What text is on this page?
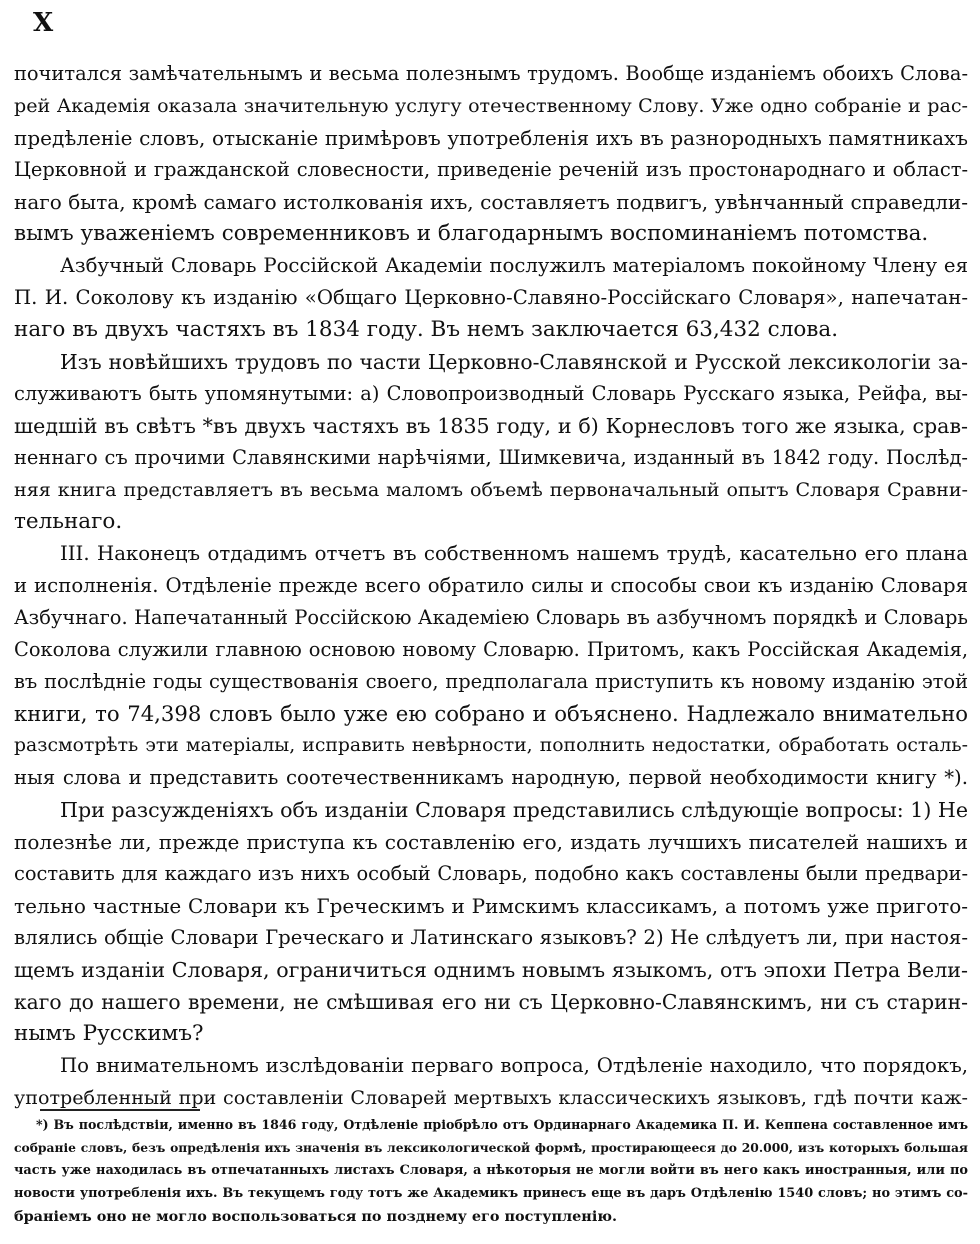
X
почитался замѣчательнымъ и весьма полезнымъ трудомъ. Вообще изданіемъ обоихъ Слова-
рей Академія оказала значительную услугу отечественному Слову. Уже одно собраніе и рас-
предѣленіе словъ, отысканіе примѣровъ употребленія ихъ въ разнородныхъ памятникахъ
Церковной и гражданской словесности, приведеніе реченій изъ простонароднаго и област-
наго быта, кромѣ самаго истолкованія ихъ, составляетъ подвигъ, увѣнчанный справедли-
вымъ уваженіемъ современниковъ и благодарнымъ воспоминаніемъ потомства.
Азбучный Словарь Россійской Академіи послужилъ матеріаломъ покойному Члену ея
П. И. Соколову къ изданію «Общаго Церковно-Славяно-Россійскаго Словаря», напечатан-
наго въ двухъ частяхъ въ 1834 году. Въ немъ заключается 63,432 слова.
Изъ новѣйшихъ трудовъ по части Церковно-Славянской и Русской лексикологіи за-
служиваютъ быть упомянутыми: а) Словопроизводный Словарь Русскаго языка, Рейфа, вы-
шедшій въ свѣтъ *въ двухъ частяхъ въ 1835 году, и б) Корнесловъ того же языка, срав-
неннаго съ прочими Славянскими нарѣчіями, Шимкевича, изданный въ 1842 году. Послѣд-
няя книга представляетъ въ весьма маломъ объемѣ первоначальный опытъ Словаря Сравни-
тельнаго.
III. Наконецъ отдадимъ отчетъ въ собственномъ нашемъ трудѣ, касательно его плана
и исполненія. Отдѣленіе прежде всего обратило силы и способы свои къ изданію Словаря
Азбучнаго. Напечатанный Россійскою Академіею Словарь въ азбучномъ порядкѣ и Словарь
Соколова служили главною основою новому Словарю. Притомъ, какъ Россійская Академія,
въ послѣдніе годы существованія своего, предполагала приступить къ новому изданію этой
книги, то 74,398 словъ было уже ею собрано и объяснено. Надлежало внимательно
разсмотрѣть эти матеріалы, исправить невѣрности, пополнить недостатки, обработать осталь-
ныя слова и представить соотечественникамъ народную, первой необходимости книгу *).
При разсужденіяхъ объ изданіи Словаря представились слѣдующіе вопросы: 1) Не
полезнѣе ли, прежде приступа къ составленію его, издать лучшихъ писателей нашихъ и
составить для каждаго изъ нихъ особый Словарь, подобно какъ составлены были предвари-
тельно частные Словари къ Греческимъ и Римскимъ классикамъ, а потомъ уже пригото-
влялись общіе Словари Греческаго и Латинскаго языковъ? 2) Не слѣдуетъ ли, при настоя-
щемъ изданіи Словаря, ограничиться однимъ новымъ языкомъ, отъ эпохи Петра Вели-
каго до нашего времени, не смѣшивая его ни съ Церковно-Славянскимъ, ни съ старин-
нымъ Русскимъ?
По внимательномъ изслѣдованіи перваго вопроса, Отдѣленіе находило, что порядокъ,
употребленный при составленіи Словарей мертвыхъ классическихъ языковъ, гдѣ почти каж-
*) Въ послѣдствіи, именно въ 1846 году, Отдѣленіе пріобрѣло отъ Ординарнаго Академика П. И. Кеппена составленное имъ
собраніе словъ, безъ опредѣленія ихъ значенія въ лексикологической формѣ, простирающееся до 20.000, изъ которыхъ большая
часть уже находилась въ отпечатанныхъ листахъ Словаря, а нѣкоторыя не могли войти въ него какъ иностранныя, или по
новости употребленія ихъ. Въ текущемъ году тотъ же Академикъ принесъ еще въ даръ Отдѣленію 1540 словъ; но этимъ со-
браніемъ оно не могло воспользоваться по позднему его поступленію.
